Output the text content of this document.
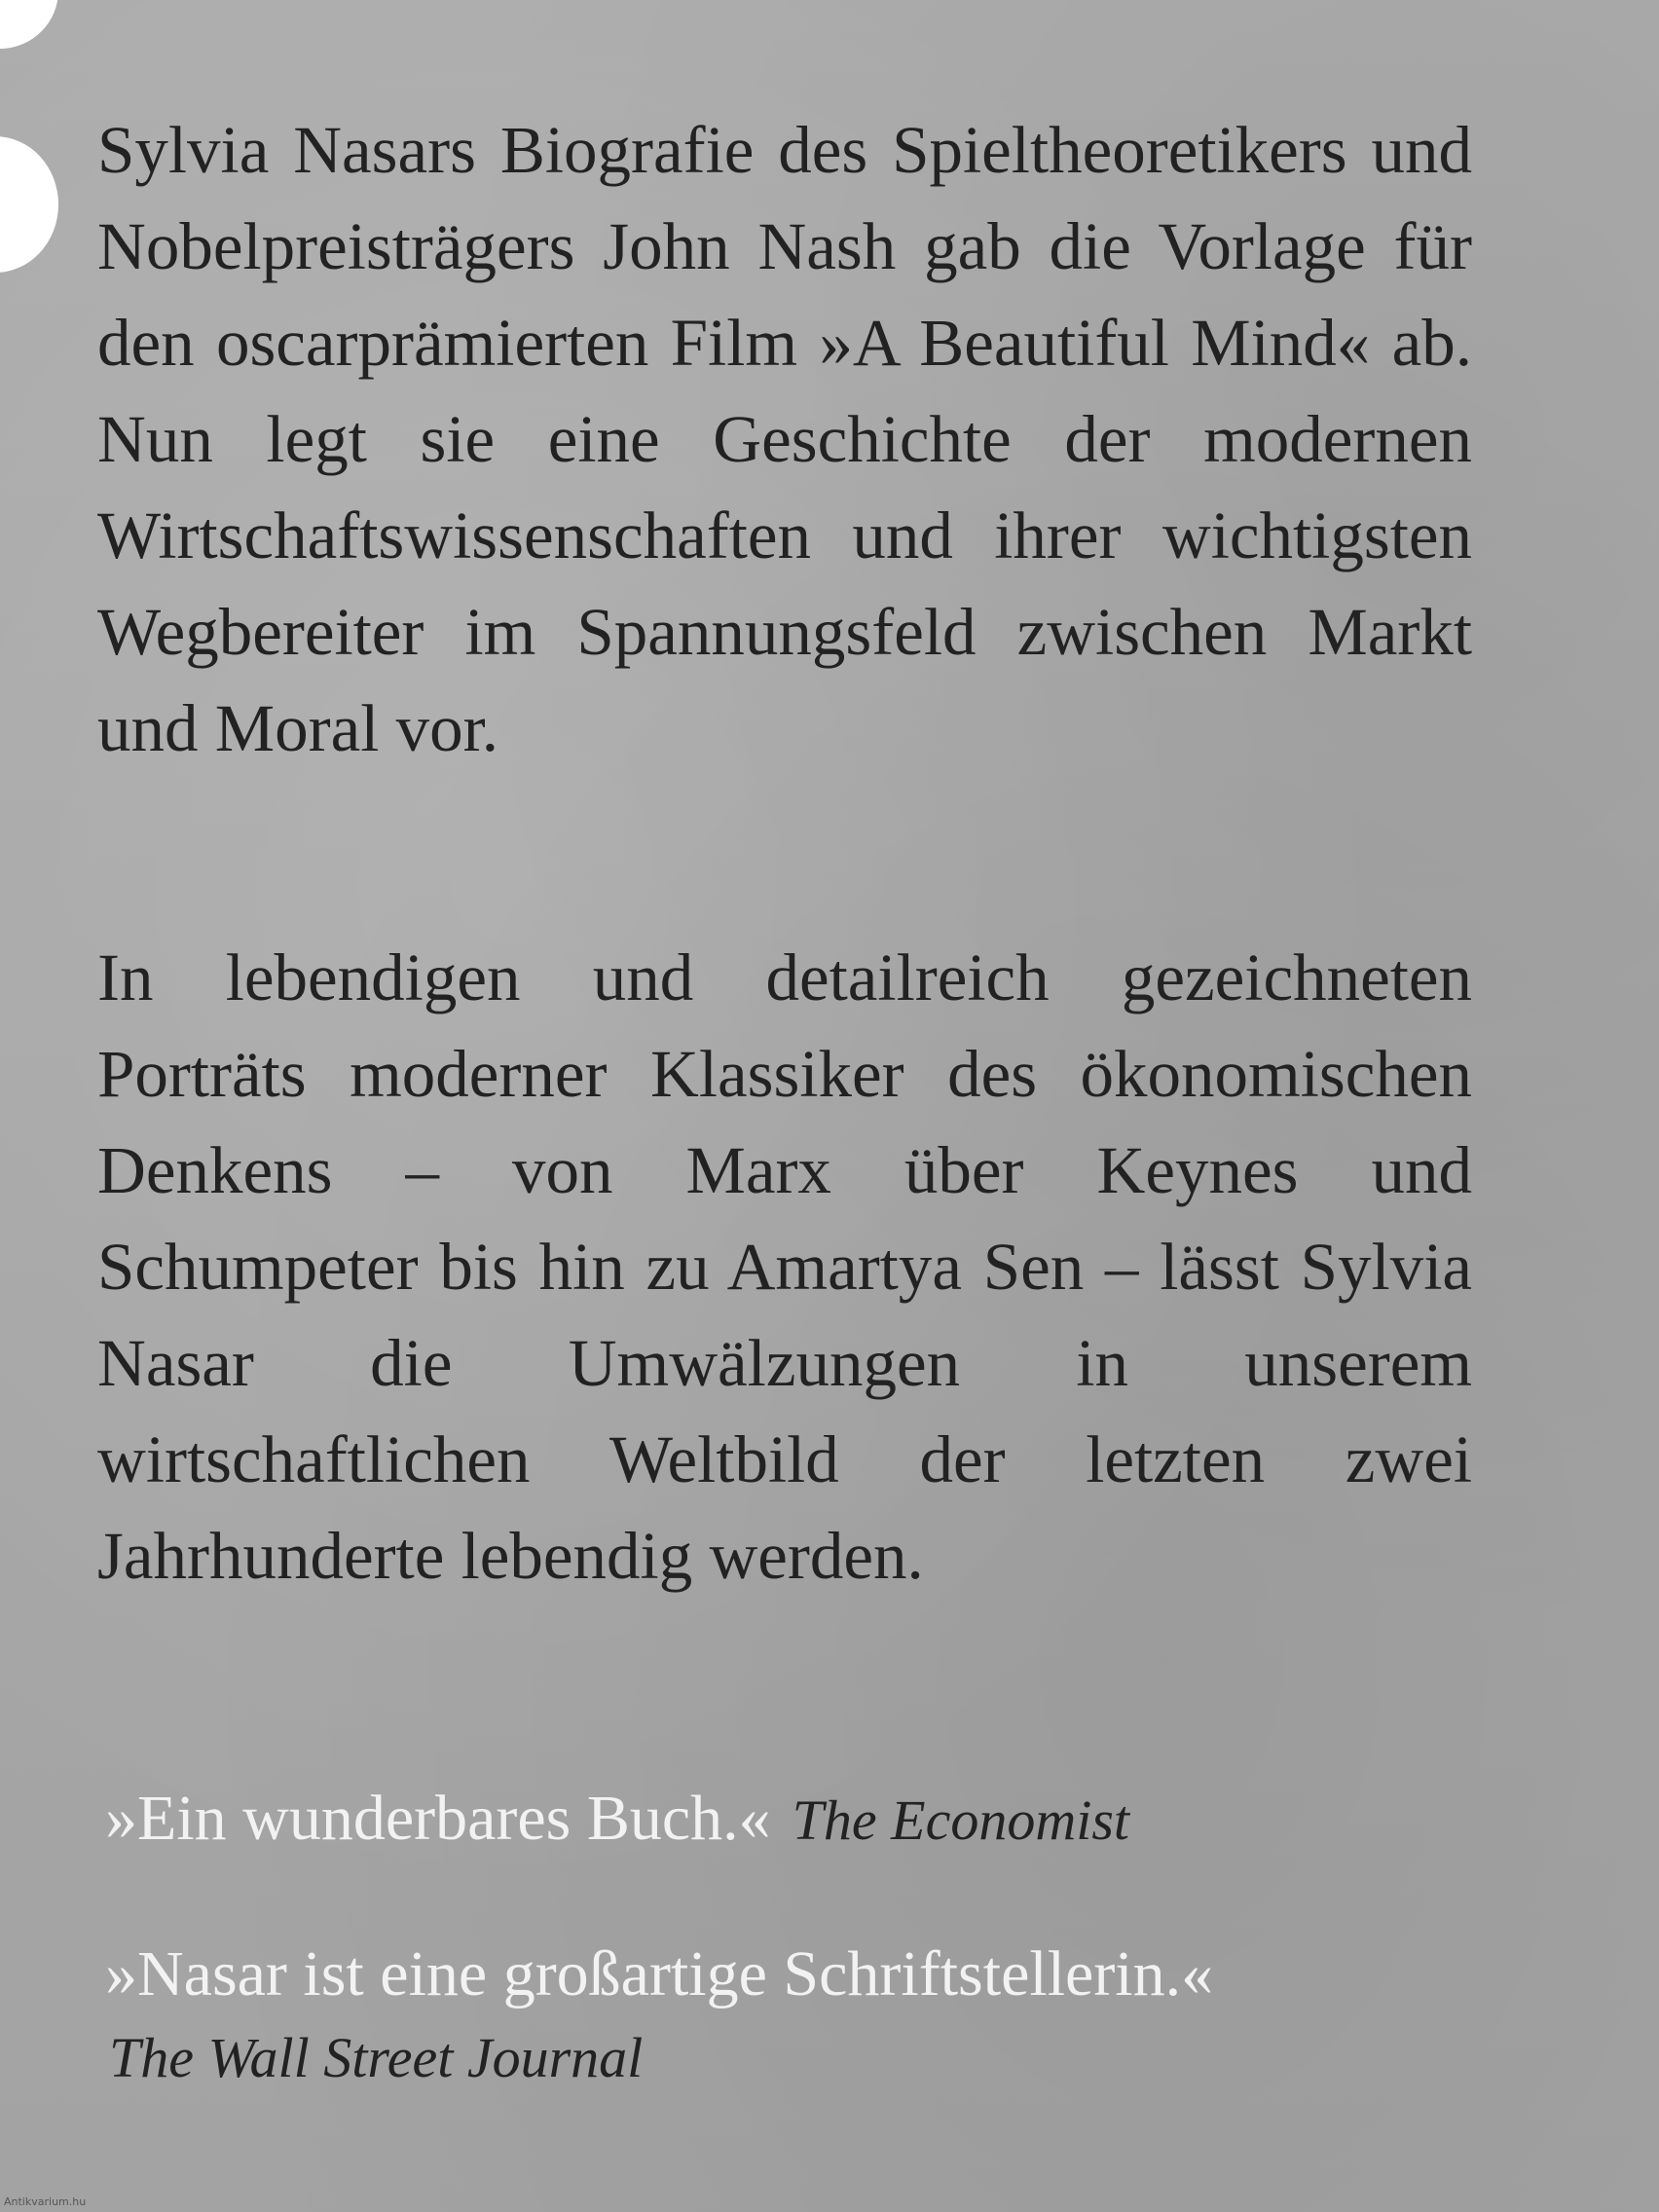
Sylvia Nasars Biografie des Spieltheoretikers und Nobelpreisträgers John Nash gab die Vorlage für den oscarprämierten Film »A Beautiful Mind« ab. Nun legt sie eine Geschichte der modernen Wirtschaftswissenschaften und ihrer wichtigsten Wegbereiter im Spannungsfeld zwischen Markt und Moral vor.

In lebendigen und detailreich gezeichneten Porträts moderner Klassiker des ökonomischen Denkens – von Marx über Keynes und Schumpeter bis hin zu Amartya Sen – lässt Sylvia Nasar die Umwälzungen in unserem wirtschaftlichen Weltbild der letzten zwei Jahrhunderte lebendig werden.

»Ein wunderbares Buch.« The Economist

»Nasar ist eine großartige Schriftstellerin.«

The Wall Street Journal

Antikvarium.hu
